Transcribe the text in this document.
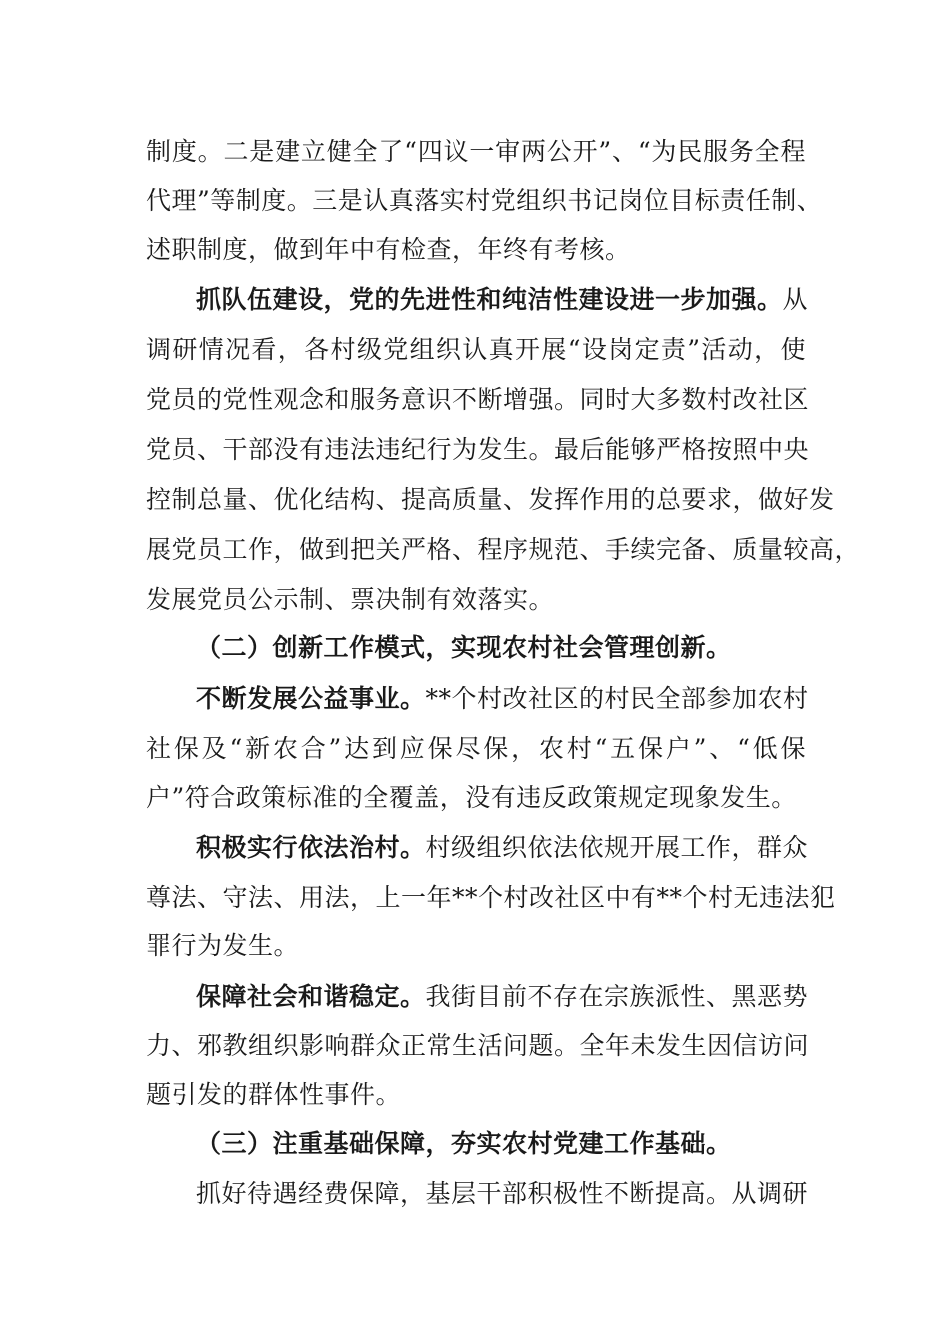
制度。二是建立健全了“四议一审两公开”、“为民服务全程
代理”等制度。三是认真落实村党组织书记岗位目标责任制、
述职制度，做到年中有检查，年终有考核。
抓队伍建设，党的先进性和纯洁性建设进一步加强。从
调研情况看，各村级党组织认真开展“设岗定责”活动，使
党员的党性观念和服务意识不断增强。同时大多数村改社区
党员、干部没有违法违纪行为发生。最后能够严格按照中央
控制总量、优化结构、提高质量、发挥作用的总要求，做好发
展党员工作，做到把关严格、程序规范、手续完备、质量较高，
发展党员公示制、票决制有效落实。
（二）创新工作模式，实现农村社会管理创新。
不断发展公益事业。**个村改社区的村民全部参加农村
社保及“新农合”达到应保尽保，农村“五保户”、“低保
户”符合政策标准的全覆盖，没有违反政策规定现象发生。
积极实行依法治村。村级组织依法依规开展工作，群众
尊法、守法、用法，上一年**个村改社区中有**个村无违法犯
罪行为发生。
保障社会和谐稳定。我街目前不存在宗族派性、黑恶势
力、邪教组织影响群众正常生活问题。全年未发生因信访问
题引发的群体性事件。
（三）注重基础保障，夯实农村党建工作基础。
抓好待遇经费保障，基层干部积极性不断提高。从调研
